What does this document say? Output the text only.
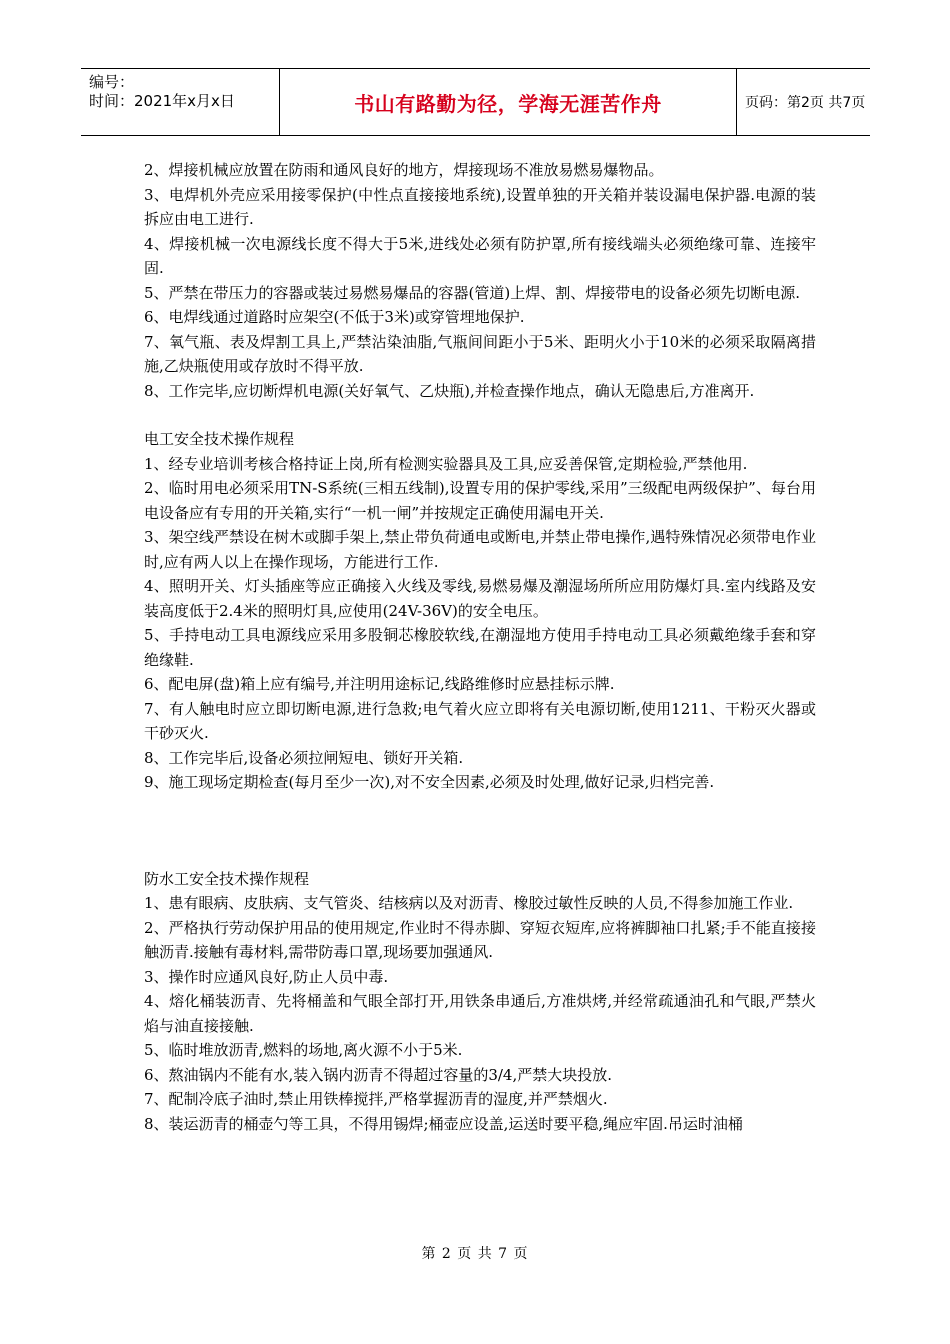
编号：
时间：2021年x月x日	书山有路勤为径，学海无涯苦作舟	页码：第2页 共7页

2、焊接机械应放置在防雨和通风良好的地方，焊接现场不准放易燃易爆物品。

3、电焊机外壳应采用接零保护(中性点直接接地系统),设置单独的开关箱并装设漏电保护器.电源的装拆应由电工进行.

4、焊接机械一次电源线长度不得大于5米,进线处必须有防护罩,所有接线端头必须绝缘可靠、连接牢固.

5、严禁在带压力的容器或装过易燃易爆品的容器(管道)上焊、割、焊接带电的设备必须先切断电源.

6、电焊线通过道路时应架空(不低于3米)或穿管埋地保护.

7、氧气瓶、表及焊割工具上,严禁沾染油脂,气瓶间间距小于5米、距明火小于10米的必须采取隔离措施,乙炔瓶使用或存放时不得平放.

8、工作完毕,应切断焊机电源(关好氧气、乙炔瓶),并检查操作地点，确认无隐患后,方准离开.

电工安全技术操作规程

1、经专业培训考核合格持证上岗,所有检测实验器具及工具,应妥善保管,定期检验,严禁他用.

2、临时用电必须采用TN-S系统(三相五线制),设置专用的保护零线,采用”三级配电两级保护”、每台用电设备应有专用的开关箱,实行“一机一闸”并按规定正确使用漏电开关.

3、架空线严禁设在树木或脚手架上,禁止带负荷通电或断电,并禁止带电操作,遇特殊情况必须带电作业时,应有两人以上在操作现场，方能进行工作.

4、照明开关、灯头插座等应正确接入火线及零线,易燃易爆及潮湿场所所应用防爆灯具.室内线路及安装高度低于2.4米的照明灯具,应使用(24V-36V)的安全电压。

5、手持电动工具电源线应采用多股铜芯橡胶软线,在潮湿地方使用手持电动工具必须戴绝缘手套和穿绝缘鞋.

6、配电屏(盘)箱上应有编号,并注明用途标记,线路维修时应悬挂标示牌.

7、有人触电时应立即切断电源,进行急救;电气着火应立即将有关电源切断,使用1211、干粉灭火器或干砂灭火.

8、工作完毕后,设备必须拉闸短电、锁好开关箱.

9、施工现场定期检查(每月至少一次),对不安全因素,必须及时处理,做好记录,归档完善.

防水工安全技术操作规程

1、患有眼病、皮肤病、支气管炎、结核病以及对沥青、橡胶过敏性反映的人员,不得参加施工作业.

2、严格执行劳动保护用品的使用规定,作业时不得赤脚、穿短衣短库,应将裤脚袖口扎紧;手不能直接接触沥青.接触有毒材料,需带防毒口罩,现场要加强通风.

3、操作时应通风良好,防止人员中毒.

4、熔化桶装沥青、先将桶盖和气眼全部打开,用铁条串通后,方准烘烤,并经常疏通油孔和气眼,严禁火焰与油直接接触.

5、临时堆放沥青,燃料的场地,离火源不小于5米.

6、熬油锅内不能有水,装入锅内沥青不得超过容量的3/4,严禁大块投放.

7、配制冷底子油时,禁止用铁棒搅拌,严格掌握沥青的湿度,并严禁烟火.

8、装运沥青的桶壶勺等工具，不得用锡焊;桶壶应设盖,运送时要平稳,绳应牢固.吊运时油桶

第 2 页 共 7 页
